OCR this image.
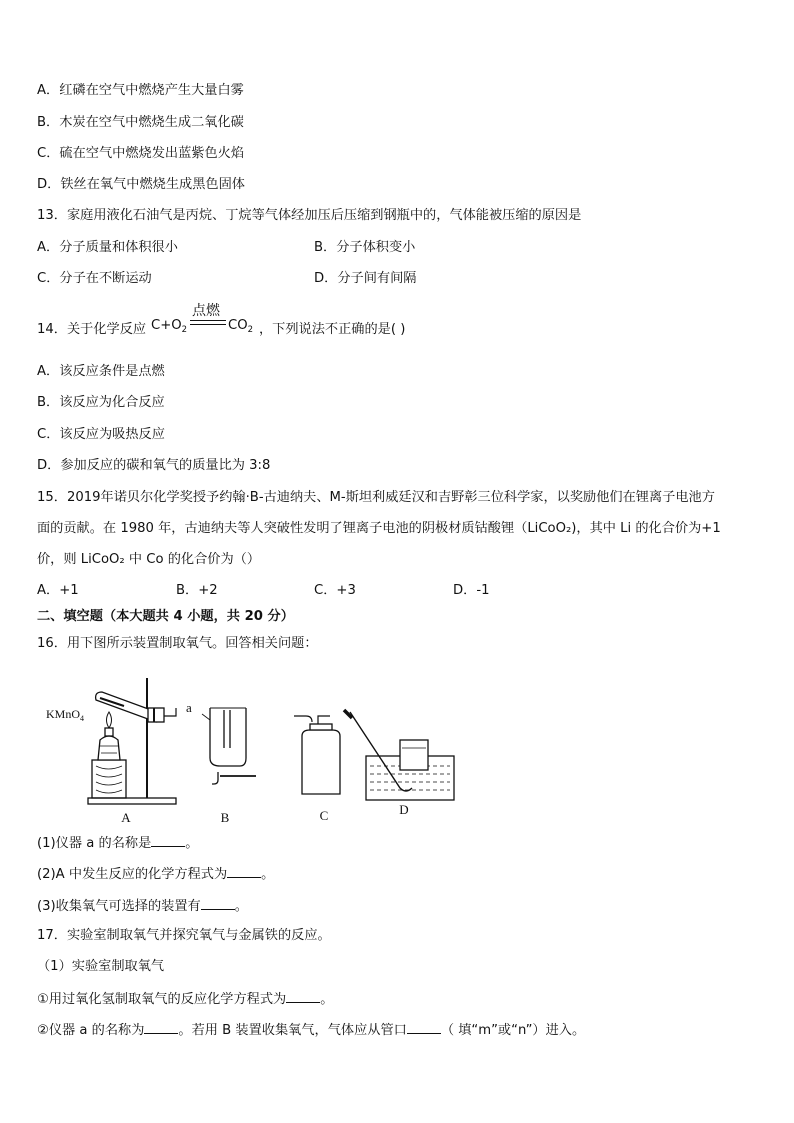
A．红磷在空气中燃烧产生大量白雾
B．木炭在空气中燃烧生成二氧化碳
C．硫在空气中燃烧发出蓝紫色火焰
D．铁丝在氧气中燃烧生成黑色固体
13．家庭用液化石油气是丙烷、丁烷等气体经加压后压缩到钢瓶中的，气体能被压缩的原因是
A．分子质量和体积很小	B．分子体积变小
C．分子在不断运动	D．分子间有间隔
14．关于化学反应 $C+O_2$
点燃
$CO_2$ ，下列说法不正确的是( )
A．该反应条件是点燃
B．该反应为化合反应
C．该反应为吸热反应
D．参加反应的碳和氧气的质量比为 3:8
15．2019年诺贝尔化学奖授予约翰·B-古迪纳夫、M-斯坦利威廷汉和吉野彰三位科学家，以奖励他们在锂离子电池方
面的贡献。在 1980 年，古迪纳夫等人突破性发明了锂离子电池的阴极材质钴酸锂（LiCoO₂)，其中 Li 的化合价为+1
价，则 LiCoO₂ 中 Co 的化合价为（）
A．+1	B．+2	C．+3	D．-1
二、填空题（本大题共 4 小题，共 20 分）
16．用下图所示装置制取氧气。回答相关问题：
KMnO$_4$
A
a
B	C	D
(1)仪器 a 的名称是	。
(2)A 中发生反应的化学方程式为	。
(3)收集氧气可选择的装置有	。
17．实验室制取氧气并探究氧气与金属铁的反应。
（1）实验室制取氧气
①用过氧化氢制取氧气的反应化学方程式为	。
②仪器 a 的名称为	。若用 B 装置收集氧气，气体应从管口	（ 填“m”或“n”）进入。
